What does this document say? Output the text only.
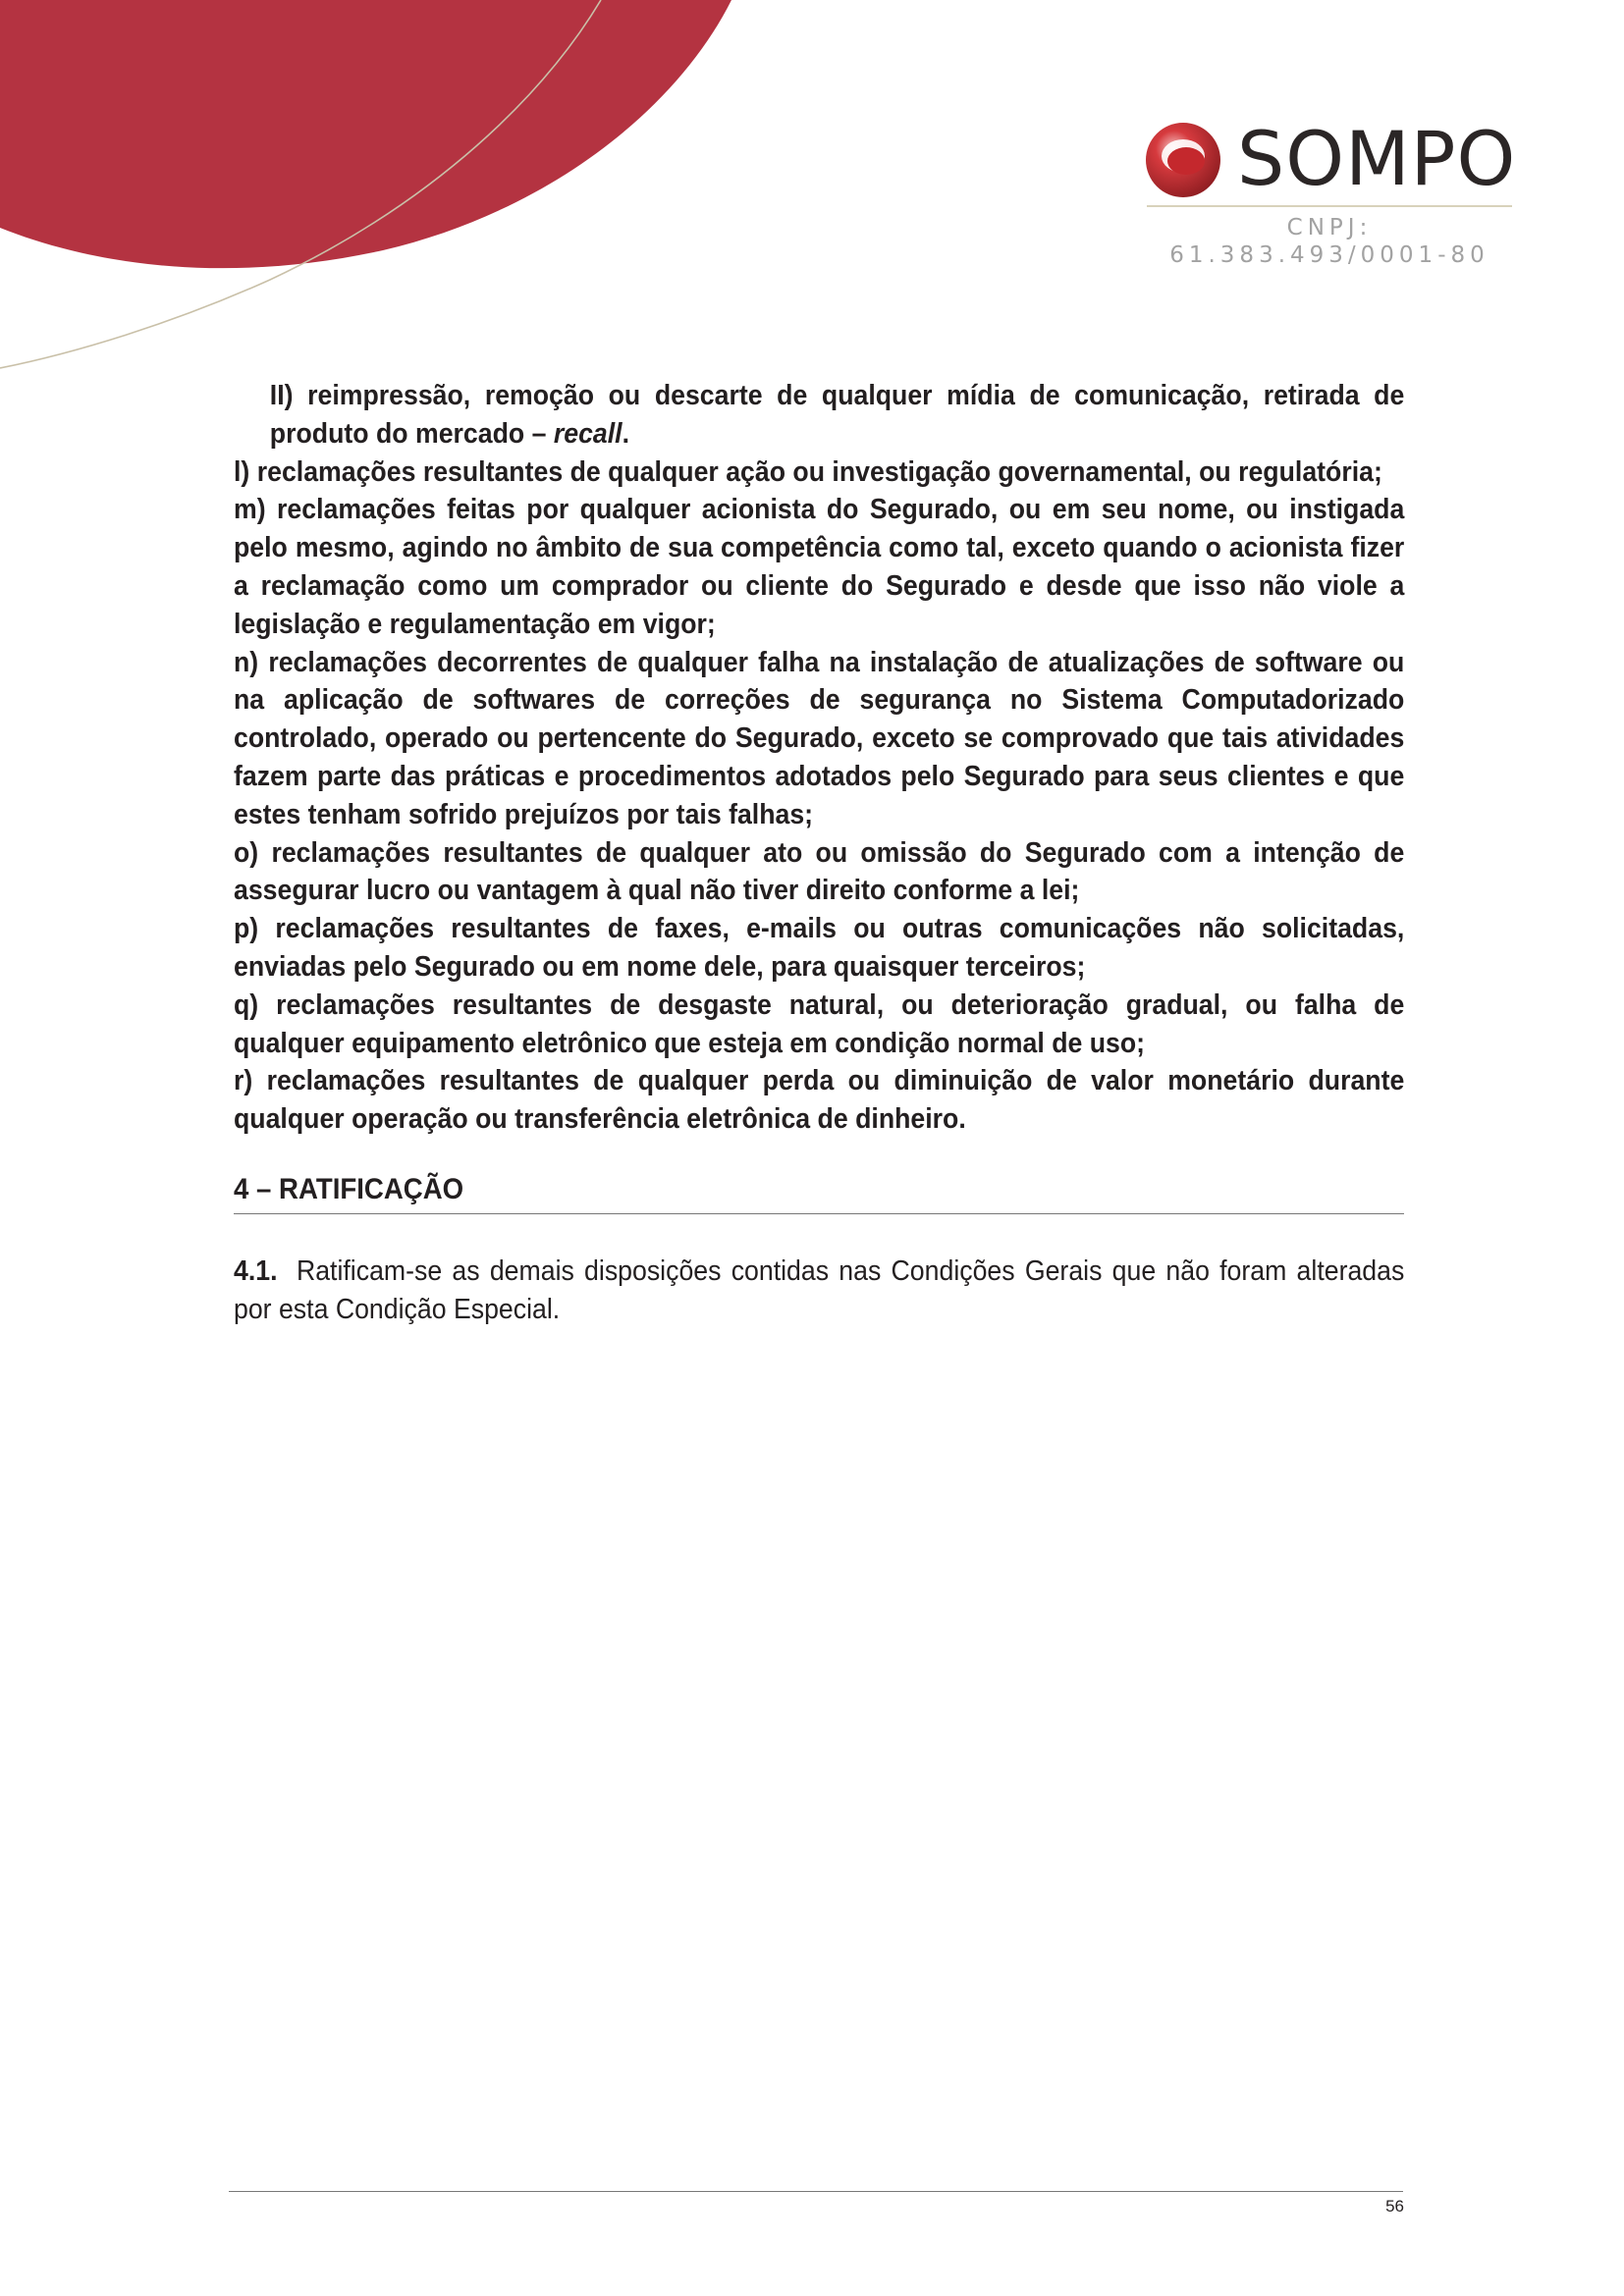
SOMPO
CNPJ: 61.383.493/0001-80

II) reimpressão, remoção ou descarte de qualquer mídia de comunicação, retirada de produto do mercado – recall.

l) reclamações resultantes de qualquer ação ou investigação governamental, ou regulatória;

m) reclamações feitas por qualquer acionista do Segurado, ou em seu nome, ou instigada pelo mesmo, agindo no âmbito de sua competência como tal, exceto quando o acionista fizer a reclamação como um comprador ou cliente do Segurado e desde que isso não viole a legislação e regulamentação em vigor;

n) reclamações decorrentes de qualquer falha na instalação de atualizações de software ou na aplicação de softwares de correções de segurança no Sistema Computadorizado controlado, operado ou pertencente do Segurado, exceto se comprovado que tais atividades fazem parte das práticas e procedimentos adotados pelo Segurado para seus clientes e que estes tenham sofrido prejuízos por tais falhas;

o) reclamações resultantes de qualquer ato ou omissão do Segurado com a intenção de assegurar lucro ou vantagem à qual não tiver direito conforme a lei;

p) reclamações resultantes de faxes, e-mails ou outras comunicações não solicitadas, enviadas pelo Segurado ou em nome dele, para quaisquer terceiros;

q) reclamações resultantes de desgaste natural, ou deterioração gradual, ou falha de qualquer equipamento eletrônico que esteja em condição normal de uso;

r) reclamações resultantes de qualquer perda ou diminuição de valor monetário durante qualquer operação ou transferência eletrônica de dinheiro.

4 – RATIFICAÇÃO

4.1. Ratificam-se as demais disposições contidas nas Condições Gerais que não foram alteradas por esta Condição Especial.

56
